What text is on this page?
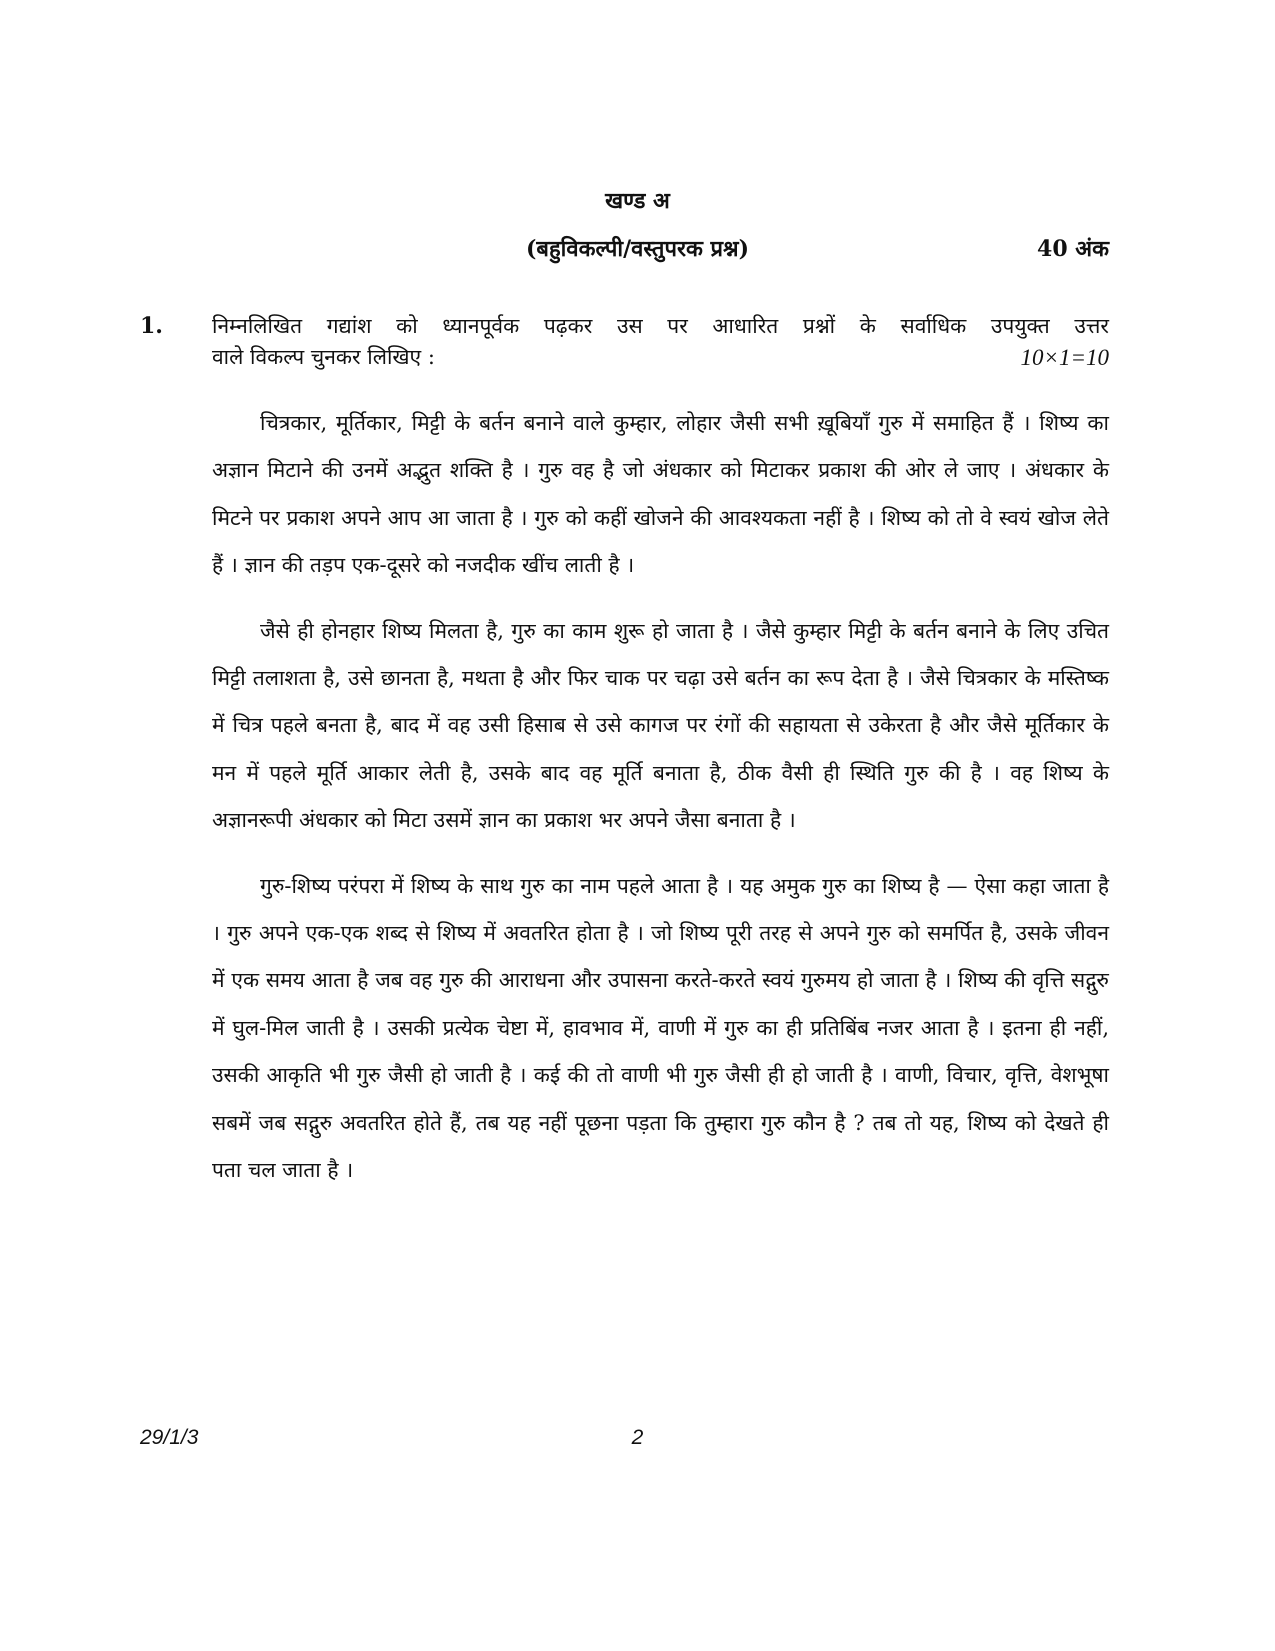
खण्ड अ
(बहुविकल्पी/वस्तुपरक प्रश्न)	40 अंक
1. निम्नलिखित गद्यांश को ध्यानपूर्वक पढ़कर उस पर आधारित प्रश्नों के सर्वाधिक उपयुक्त उत्तर
वाले विकल्प चुनकर लिखिए :	10×1=10

चित्रकार, मूर्तिकार, मिट्टी के बर्तन बनाने वाले कुम्हार, लोहार जैसी सभी ख़ूबियाँ गुरु में समाहित हैं । शिष्य का अज्ञान मिटाने की उनमें अद्भुत शक्ति है । गुरु वह है जो अंधकार को मिटाकर प्रकाश की ओर ले जाए । अंधकार के मिटने पर प्रकाश अपने आप आ जाता है । गुरु को कहीं खोजने की आवश्यकता नहीं है । शिष्य को तो वे स्वयं खोज लेते हैं । ज्ञान की तड़प एक-दूसरे को नजदीक खींच लाती है ।

जैसे ही होनहार शिष्य मिलता है, गुरु का काम शुरू हो जाता है । जैसे कुम्हार मिट्टी के बर्तन बनाने के लिए उचित मिट्टी तलाशता है, उसे छानता है, मथता है और फिर चाक पर चढ़ा उसे बर्तन का रूप देता है । जैसे चित्रकार के मस्तिष्क में चित्र पहले बनता है, बाद में वह उसी हिसाब से उसे कागज पर रंगों की सहायता से उकेरता है और जैसे मूर्तिकार के मन में पहले मूर्ति आकार लेती है, उसके बाद वह मूर्ति बनाता है, ठीक वैसी ही स्थिति गुरु की है । वह शिष्य के अज्ञानरूपी अंधकार को मिटा उसमें ज्ञान का प्रकाश भर अपने जैसा बनाता है ।

गुरु-शिष्य परंपरा में शिष्य के साथ गुरु का नाम पहले आता है । यह अमुक गुरु का शिष्य है — ऐसा कहा जाता है । गुरु अपने एक-एक शब्द से शिष्य में अवतरित होता है । जो शिष्य पूरी तरह से अपने गुरु को समर्पित है, उसके जीवन में एक समय आता है जब वह गुरु की आराधना और उपासना करते-करते स्वयं गुरुमय हो जाता है । शिष्य की वृत्ति सद्गुरु में घुल-मिल जाती है । उसकी प्रत्येक चेष्टा में, हावभाव में, वाणी में गुरु का ही प्रतिबिंब नजर आता है । इतना ही नहीं, उसकी आकृति भी गुरु जैसी हो जाती है । कई की तो वाणी भी गुरु जैसी ही हो जाती है । वाणी, विचार, वृत्ति, वेशभूषा सबमें जब सद्गुरु अवतरित होते हैं, तब यह नहीं पूछना पड़ता कि तुम्हारा गुरु कौन है ? तब तो यह, शिष्य को देखते ही पता चल जाता है ।

29/1/3	2
